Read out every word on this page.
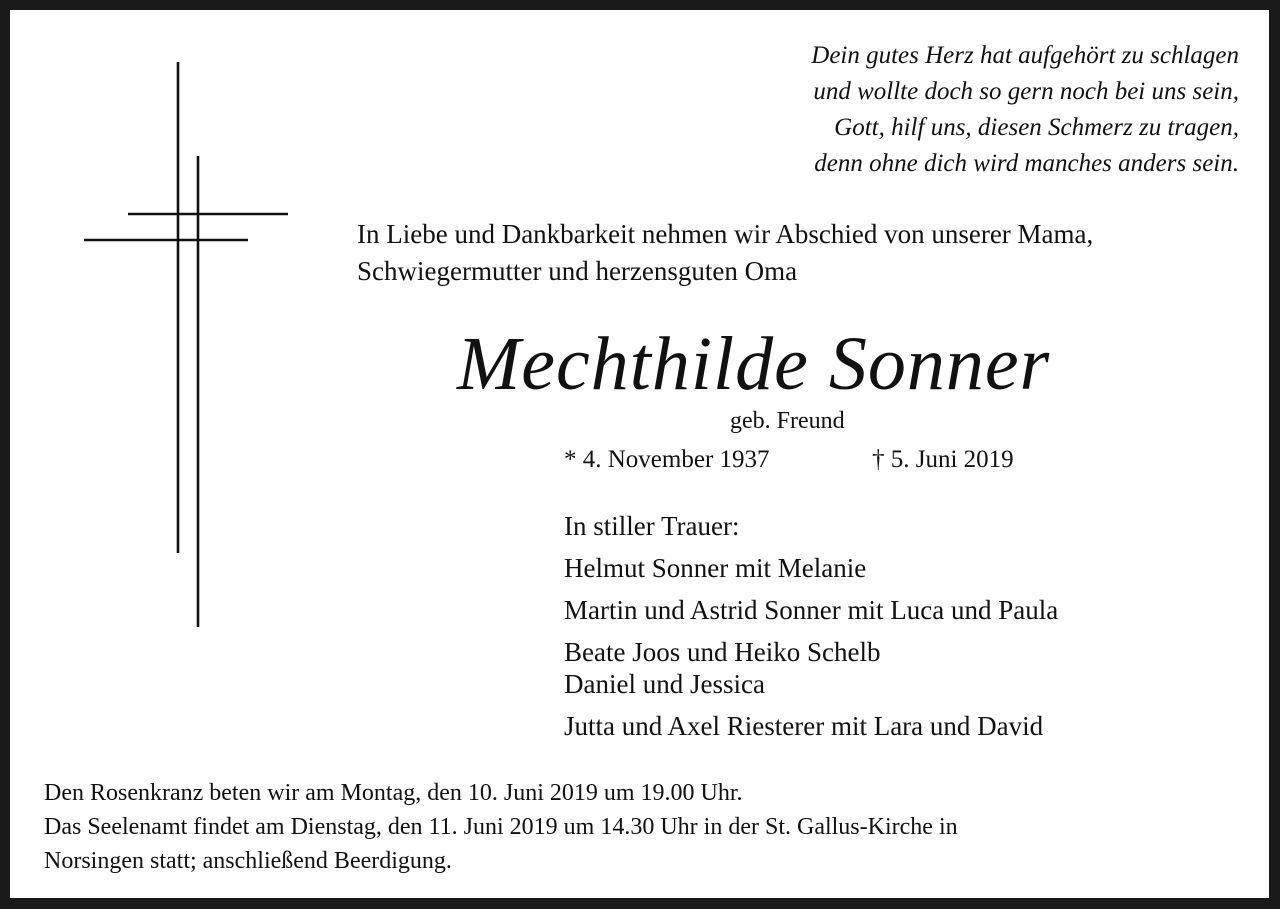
Dein gutes Herz hat aufgehört zu schlagen
und wollte doch so gern noch bei uns sein,
Gott, hilf uns, diesen Schmerz zu tragen,
denn ohne dich wird manches anders sein.
In Liebe und Dankbarkeit nehmen wir Abschied von unserer Mama,
Schwiegermutter und herzensguten Oma
Mechthilde Sonner
geb. Freund
* 4. November 1937	† 5. Juni 2019
In stiller Trauer:
Helmut Sonner mit Melanie
Martin und Astrid Sonner mit Luca und Paula
Beate Joos und Heiko Schelb
Daniel und Jessica
Jutta und Axel Riesterer mit Lara und David
Den Rosenkranz beten wir am Montag, den 10. Juni 2019 um 19.00 Uhr.
Das Seelenamt findet am Dienstag, den 11. Juni 2019 um 14.30 Uhr in der St. Gallus-Kirche in
Norsingen statt; anschließend Beerdigung.
